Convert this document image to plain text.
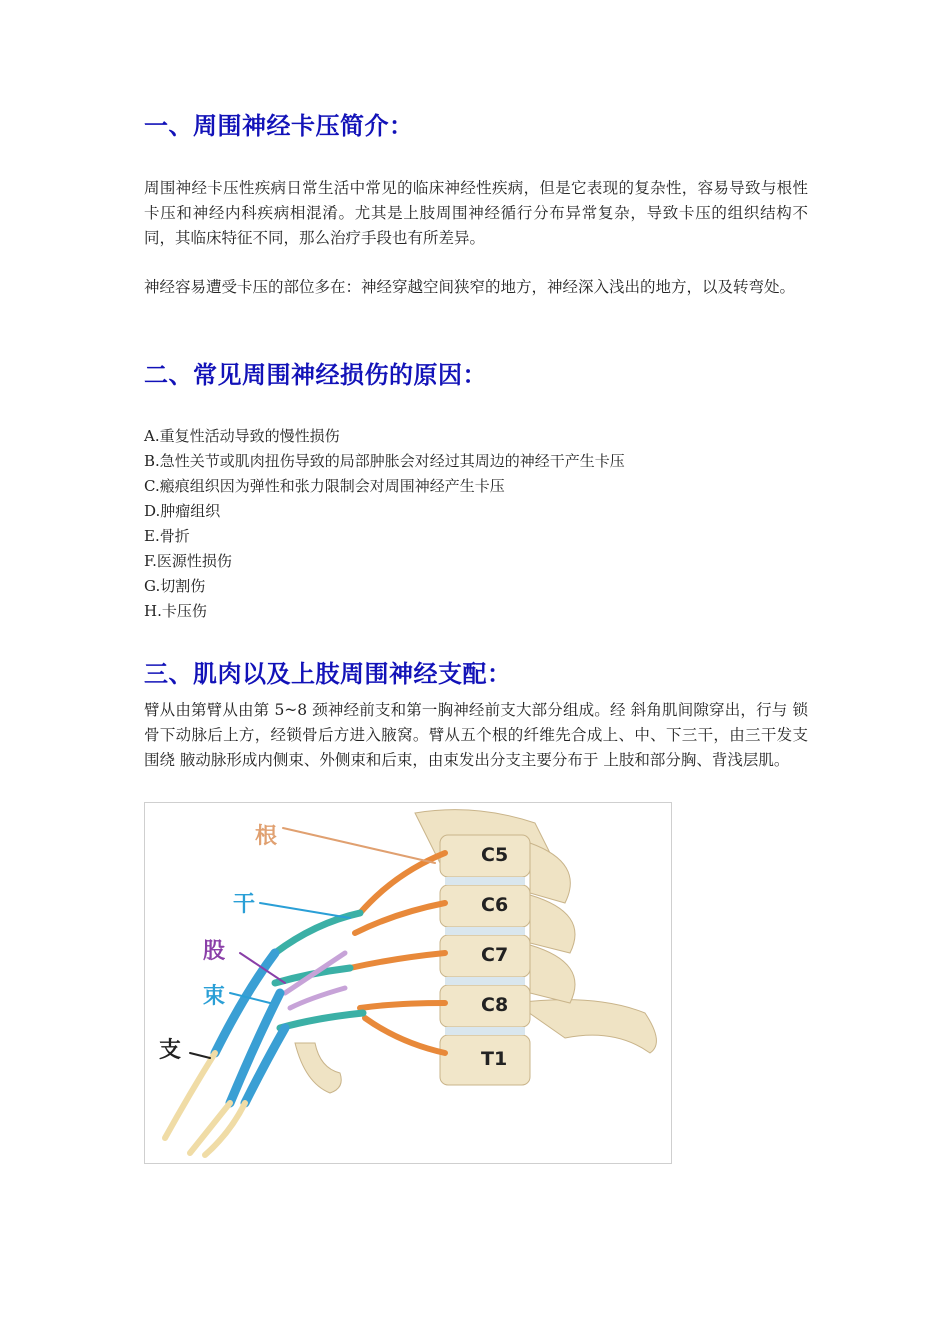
一、周围神经卡压简介：

周围神经卡压性疾病日常生活中常见的临床神经性疾病，但是它表现的复杂性，容易导致与根性卡压和神经内科疾病相混淆。尤其是上肢周围神经循行分布异常复杂，导致卡压的组织结构不同，其临床特征不同，那么治疗手段也有所差异。

神经容易遭受卡压的部位多在：神经穿越空间狭窄的地方，神经深入浅出的地方，以及转弯处。

二、常见周围神经损伤的原因：
A.重复性活动导致的慢性损伤
B.急性关节或肌肉扭伤导致的局部肿胀会对经过其周边的神经干产生卡压
C.瘢痕组织因为弹性和张力限制会对周围神经产生卡压
D.肿瘤组织
E.骨折
F.医源性损伤
G.切割伤
H.卡压伤
三、肌肉以及上肢周围神经支配：

臂从由第臂从由第 5~8 颈神经前支和第一胸神经前支大部分组成。经 斜角肌间隙穿出，行与 锁骨下动脉后上方，经锁骨后方进入腋窝。臂从五个根的纤维先合成上、中、下三干，由三干发支围绕 腋动脉形成内侧束、外侧束和后束，由束发出分支主要分布于 上肢和部分胸、背浅层肌。

C5
C6
C7
C8
T1
根
干
股
束
支
